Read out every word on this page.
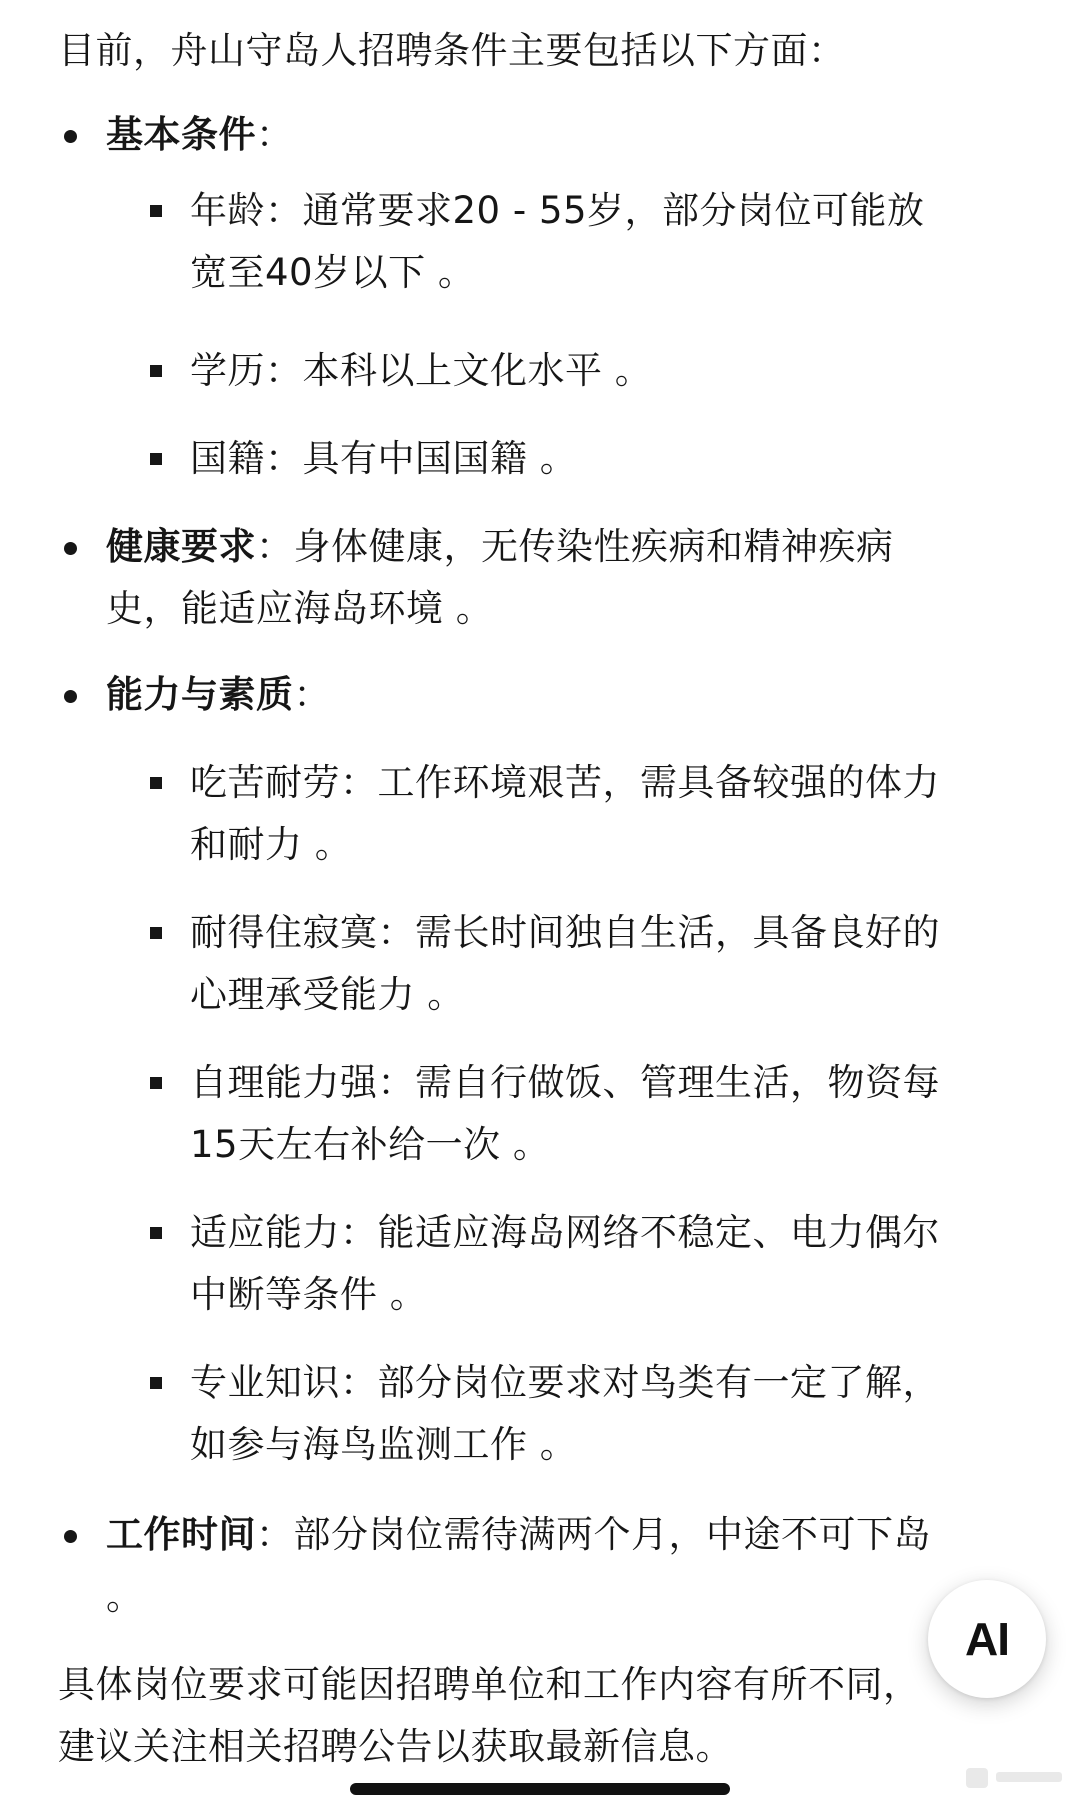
目前，舟山守岛人招聘条件主要包括以下方面：
基本条件：
年龄：通常要求20 - 55岁，部分岗位可能放
宽至40岁以下 。
学历：本科以上文化水平 。
国籍：具有中国国籍 。
健康要求：身体健康，无传染性疾病和精神疾病
史，能适应海岛环境 。
能力与素质：
吃苦耐劳：工作环境艰苦，需具备较强的体力
和耐力 。
耐得住寂寞：需长时间独自生活，具备良好的
心理承受能力 。
自理能力强：需自行做饭、管理生活，物资每
15天左右补给一次 。
适应能力：能适应海岛网络不稳定、电力偶尔
中断等条件 。
专业知识：部分岗位要求对鸟类有一定了解，
如参与海鸟监测工作 。
工作时间：部分岗位需待满两个月，中途不可下岛
。
具体岗位要求可能因招聘单位和工作内容有所不同，
建议关注相关招聘公告以获取最新信息。
AI
